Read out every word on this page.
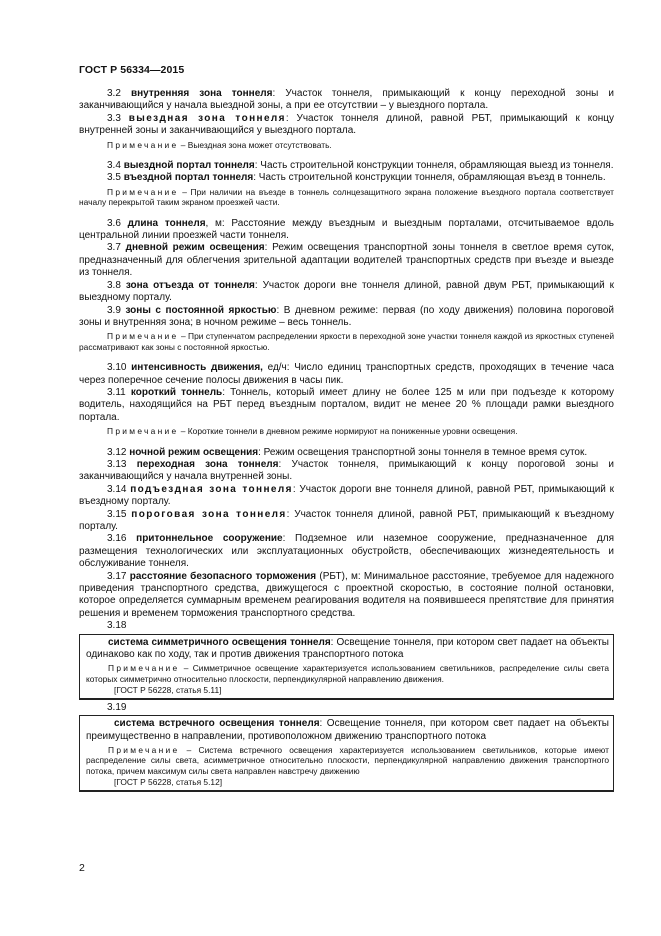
ГОСТ Р 56334—2015

3.2 внутренняя зона тоннеля: Участок тоннеля, примыкающий к концу переходной зоны и заканчивающийся у начала выездной зоны, а при ее отсутствии – у выездного портала.

3.3 выездная зона тоннеля: Участок тоннеля длиной, равной РБТ, примыкающий к концу внутренней зоны и заканчивающийся у выездного портала.

Примечание – Выездная зона может отсутствовать.

3.4 выездной портал тоннеля: Часть строительной конструкции тоннеля, обрамляющая выезд из тоннеля.

3.5 въездной портал тоннеля: Часть строительной конструкции тоннеля, обрамляющая въезд в тоннель.

Примечание – При наличии на въезде в тоннель солнцезащитного экрана положение въездного портала соответствует началу перекрытой таким экраном проезжей части.

3.6 длина тоннеля, м: Расстояние между въездным и выездным порталами, отсчитываемое вдоль центральной линии проезжей части тоннеля.

3.7 дневной режим освещения: Режим освещения транспортной зоны тоннеля в светлое время суток, предназначенный для облегчения зрительной адаптации водителей транспортных средств при въезде и выезде из тоннеля.

3.8 зона отъезда от тоннеля: Участок дороги вне тоннеля длиной, равной двум РБТ, примыкающий к выездному порталу.

3.9 зоны с постоянной яркостью: В дневном режиме: первая (по ходу движения) половина пороговой зоны и внутренняя зона; в ночном режиме – весь тоннель.

Примечание – При ступенчатом распределении яркости в переходной зоне участки тоннеля каждой из яркостных ступеней рассматривают как зоны с постоянной яркостью.

3.10 интенсивность движения, ед/ч: Число единиц транспортных средств, проходящих в течение часа через поперечное сечение полосы движения в часы пик.

3.11 короткий тоннель: Тоннель, который имеет длину не более 125 м или при подъезде к которому водитель, находящийся на РБТ перед въездным порталом, видит не менее 20 % площади рамки выездного портала.

Примечание – Короткие тоннели в дневном режиме нормируют на пониженные уровни освещения.

3.12 ночной режим освещения: Режим освещения транспортной зоны тоннеля в темное время суток.

3.13 переходная зона тоннеля: Участок тоннеля, примыкающий к концу пороговой зоны и заканчивающийся у начала внутренней зоны.

3.14 подъездная зона тоннеля: Участок дороги вне тоннеля длиной, равной РБТ, примыкающий к въездному порталу.

3.15 пороговая зона тоннеля: Участок тоннеля длиной, равной РБТ, примыкающий к въездному порталу.

3.16 притоннельное сооружение: Подземное или наземное сооружение, предназначенное для размещения технологических или эксплуатационных обустройств, обеспечивающих жизнедеятельность и обслуживание тоннеля.

3.17 расстояние безопасного торможения (РБТ), м: Минимальное расстояние, требуемое для надежного приведения транспортного средства, движущегося с проектной скоростью, в состояние полной остановки, которое определяется суммарным временем реагирования водителя на появившееся препятствие для принятия решения и временем торможения транспортного средства.

3.18

система симметричного освещения тоннеля: Освещение тоннеля, при котором свет падает на объекты одинаково как по ходу, так и против движения транспортного потока

Примечание – Симметричное освещение характеризуется использованием светильников, распределение силы света которых симметрично относительно плоскости, перпендикулярной направлению движения.

[ГОСТ Р 56228, статья 5.11]
3.19

система встречного освещения тоннеля: Освещение тоннеля, при котором свет падает на объекты преимущественно в направлении, противоположном движению транспортного потока

Примечание – Система встречного освещения характеризуется использованием светильников, которые имеют распределение силы света, асимметричное относительно плоскости, перпендикулярной направлению движения транспортного потока, причем максимум силы света направлен навстречу движению

[ГОСТ Р 56228, статья 5.12]
2
